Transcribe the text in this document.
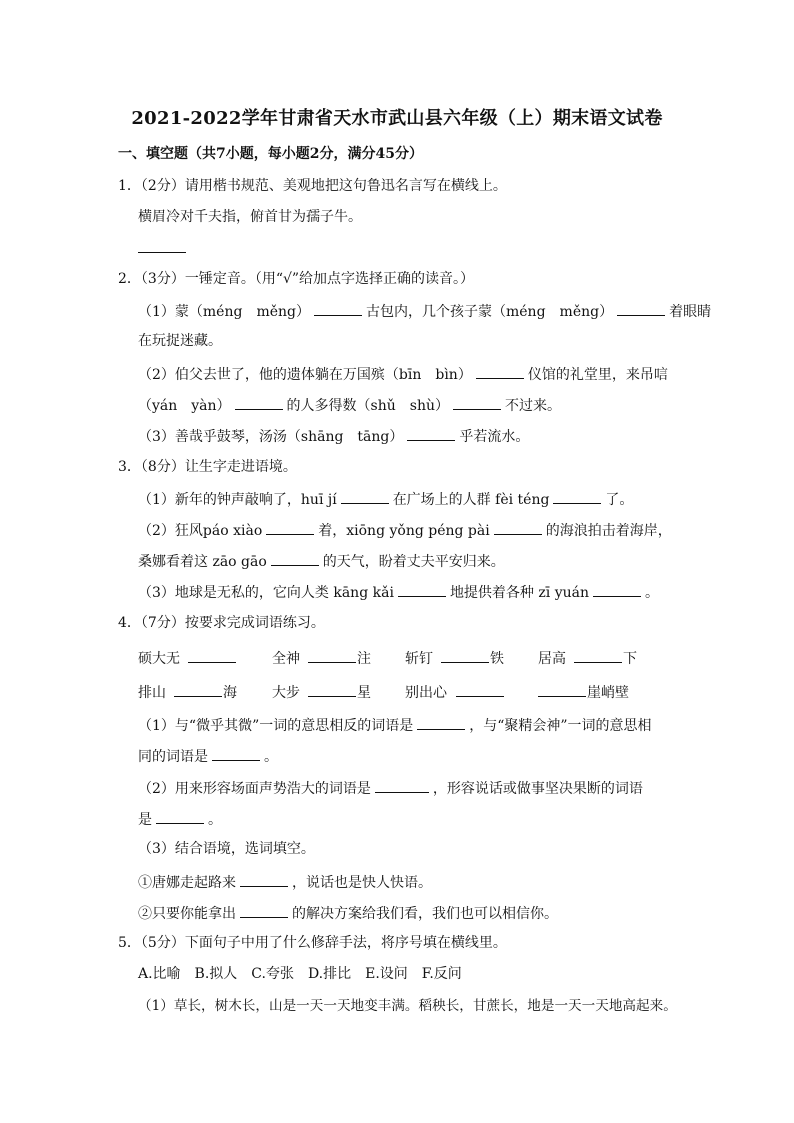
2021-2022学年甘肃省天水市武山县六年级（上）期末语文试卷
一、填空题（共7小题，每小题2分，满分45分）
1．（2分）请用楷书规范、美观地把这句鲁迅名言写在横线上。
横眉冷对千夫指，俯首甘为孺子牛。
2．（3分）一锤定音。（用“√”给加点字选择正确的读音。）
（1）蒙（méng　měng）	古包内，几个孩子蒙（méng　měng）	着眼睛
在玩捉迷藏。
（2）伯父去世了，他的遗体躺在万国殡（bīn　bìn）	仪馆的礼堂里，来吊唁
（yán　yàn）	的人多得数（shǔ　shù）	不过来。
（3）善哉乎鼓琴，汤汤（shāng　tāng）	乎若流水。
3．（8分）让生字走进语境。
（1）新年的钟声敲响了，huī jí	在广场上的人群 fèi téng	了。
（2）狂风páo xiào	着，xiōng yǒng péng pài	的海浪拍击着海岸，
桑娜看着这 zāo gāo	的天气，盼着丈夫平安归来。
（3）地球是无私的，它向人类 kāng kǎi	地提供着各种 zī yuán	。
4．（7分）按要求完成词语练习。
硕大无	全神	注 斩钉	铁 居高	下
排山	海	大步	星 别出心	崖峭壁
（1）与“微乎其微”一词的意思相反的词语是	，与“聚精会神”一词的意思相
同的词语是	。
（2）用来形容场面声势浩大的词语是	，形容说话或做事坚决果断的词语
是	。
（3）结合语境，选词填空。
①唐娜走起路来	，说话也是快人快语。
②只要你能拿出	的解决方案给我们看，我们也可以相信你。
5．（5分）下面句子中用了什么修辞手法，将序号填在横线里。
A.比喻　B.拟人　C.夸张　D.排比　E.设问　F.反问
（1）草长，树木长，山是一天一天地变丰满。稻秧长，甘蔗长，地是一天一天地高起来。
